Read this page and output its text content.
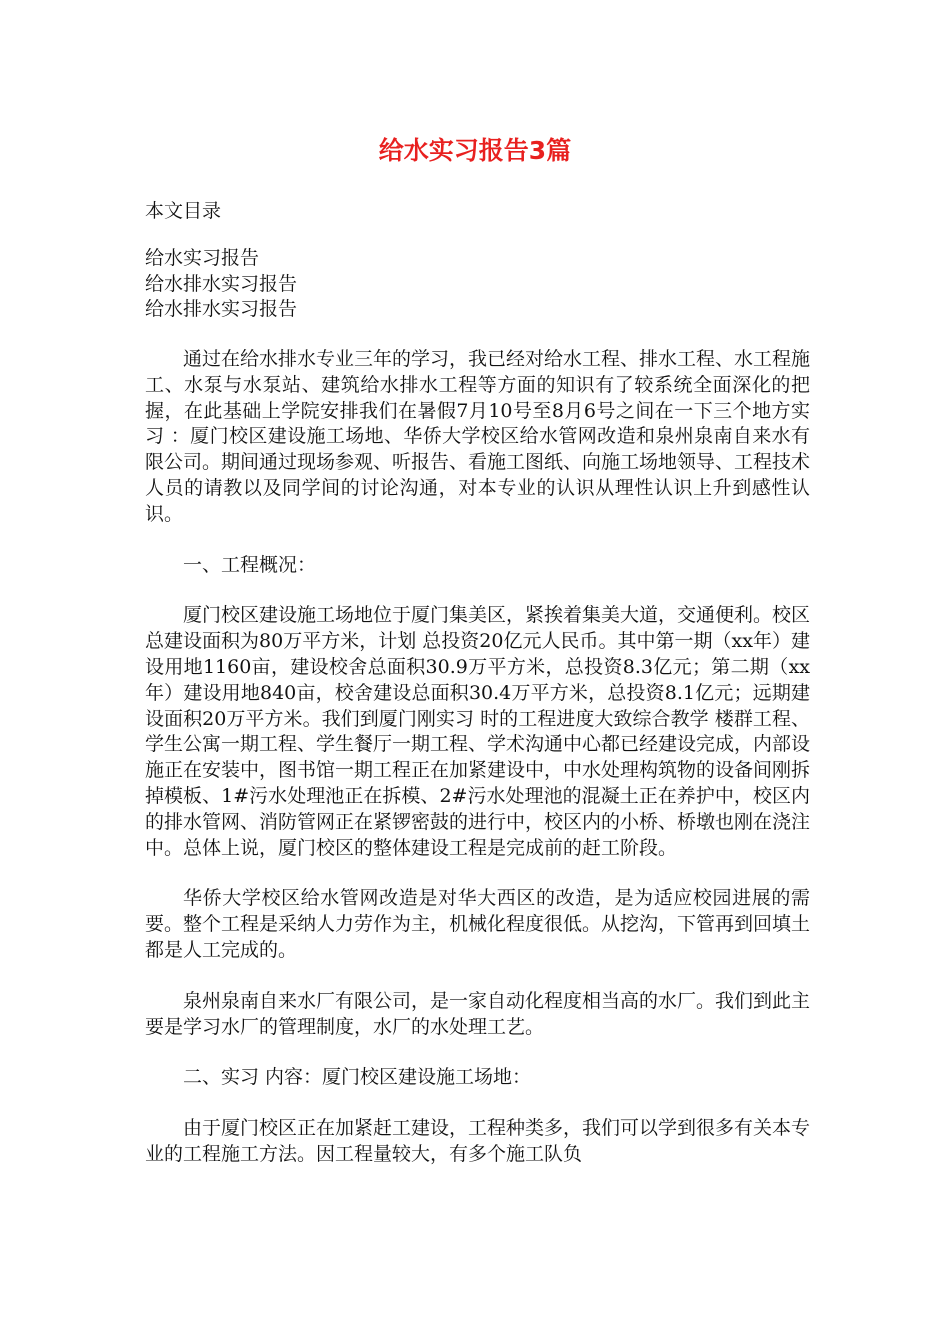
给水实习报告3篇
本文目录
给水实习报告
给水排水实习报告
给水排水实习报告

通过在给水排水专业三年的学习，我已经对给水工程、排水工程、水工程施工、水泵与水泵站、建筑给水排水工程等方面的知识有了较系统全面深化的把握，在此基础上学院安排我们在暑假7月10号至8月6号之间在一下三个地方实习 ：厦门校区建设施工场地、华侨大学校区给水管网改造和泉州泉南自来水有限公司。期间通过现场参观、听报告、看施工图纸、向施工场地领导、工程技术人员的请教以及同学间的讨论沟通，对本专业的认识从理性认识上升到感性认识。

一、工程概况：

厦门校区建设施工场地位于厦门集美区，紧挨着集美大道，交通便利。校区总建设面积为80万平方米，计划 总投资20亿元人民币。其中第一期（xx年）建设用地1160亩，建设校舍总面积30.9万平方米，总投资8.3亿元；第二期（xx年）建设用地840亩，校舍建设总面积30.4万平方米，总投资8.1亿元；远期建设面积20万平方米。我们到厦门刚实习 时的工程进度大致综合教学 楼群工程、学生公寓一期工程、学生餐厅一期工程、学术沟通中心都已经建设完成，内部设施正在安装中，图书馆一期工程正在加紧建设中，中水处理构筑物的设备间刚拆掉模板、1#污水处理池正在拆模、2#污水处理池的混凝土正在养护中，校区内的排水管网、消防管网正在紧锣密鼓的进行中，校区内的小桥、桥墩也刚在浇注中。总体上说，厦门校区的整体建设工程是完成前的赶工阶段。

华侨大学校区给水管网改造是对华大西区的改造，是为适应校园进展的需要。整个工程是采纳人力劳作为主，机械化程度很低。从挖沟，下管再到回填土都是人工完成的。

泉州泉南自来水厂有限公司，是一家自动化程度相当高的水厂。我们到此主要是学习水厂的管理制度，水厂的水处理工艺。

二、实习 内容：厦门校区建设施工场地：

由于厦门校区正在加紧赶工建设，工程种类多，我们可以学到很多有关本专业的工程施工方法。因工程量较大，有多个施工队负
